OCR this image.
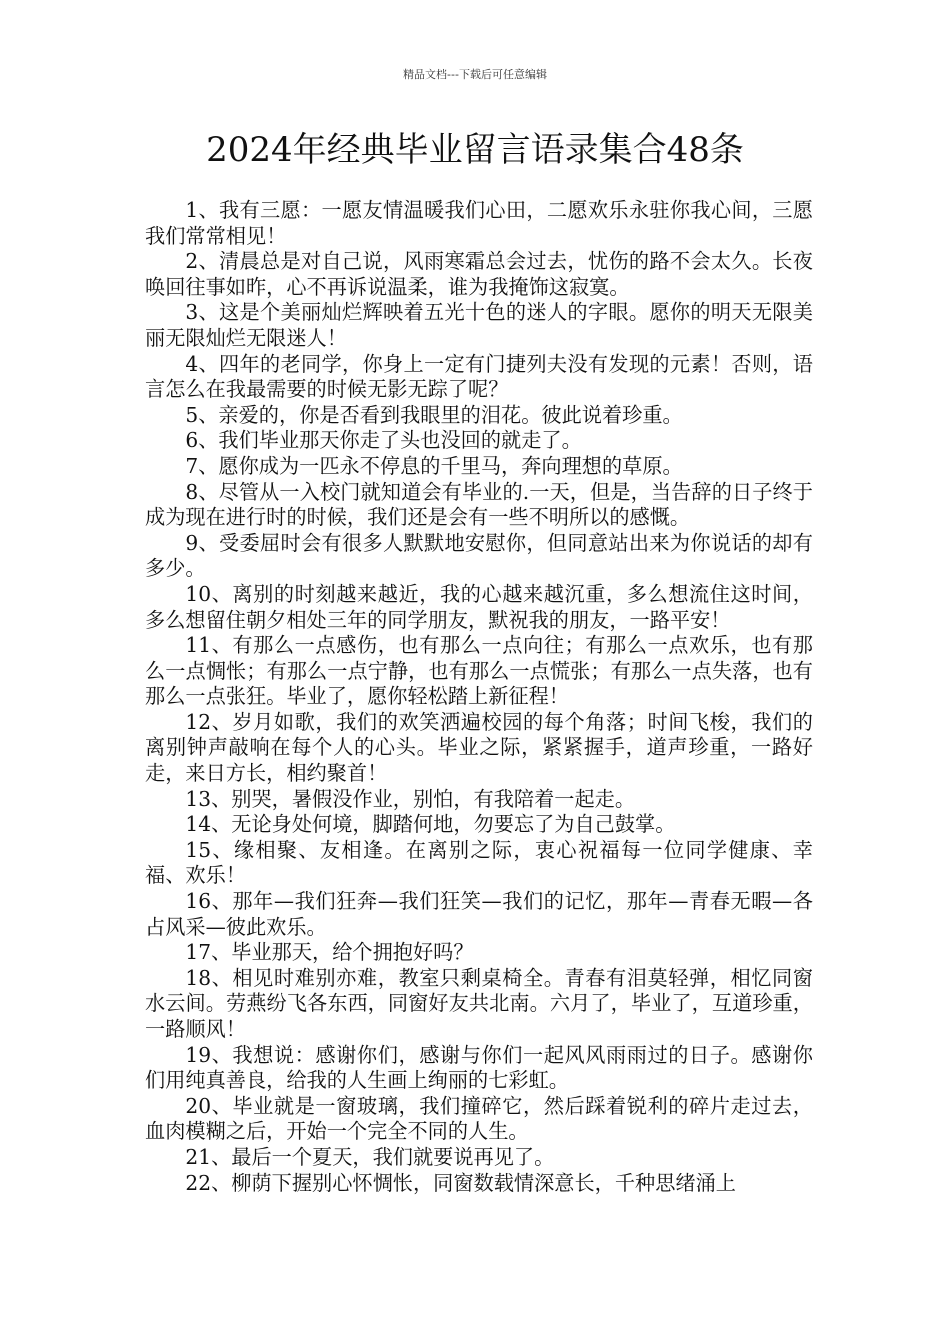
精品文档---下载后可任意编辑
2024年经典毕业留言语录集合48条

1、我有三愿：一愿友情温暖我们心田，二愿欢乐永驻你我心间，三愿我们常常相见！

2、清晨总是对自己说，风雨寒霜总会过去，忧伤的路不会太久。长夜唤回往事如昨，心不再诉说温柔，谁为我掩饰这寂寞。

3、这是个美丽灿烂辉映着五光十色的迷人的字眼。愿你的明天无限美丽无限灿烂无限迷人！

4、四年的老同学，你身上一定有门捷列夫没有发现的元素！否则，语言怎么在我最需要的时候无影无踪了呢？

5、亲爱的，你是否看到我眼里的泪花。彼此说着珍重。

6、我们毕业那天你走了头也没回的就走了。

7、愿你成为一匹永不停息的千里马，奔向理想的草原。

8、尽管从一入校门就知道会有毕业的.一天，但是，当告辞的日子终于成为现在进行时的时候，我们还是会有一些不明所以的感慨。

9、受委屈时会有很多人默默地安慰你，但同意站出来为你说话的却有多少。

10、离别的时刻越来越近，我的心越来越沉重，多么想流住这时间，多么想留住朝夕相处三年的同学朋友，默祝我的朋友，一路平安！

11、有那么一点感伤，也有那么一点向往；有那么一点欢乐，也有那么一点惆怅；有那么一点宁静，也有那么一点慌张；有那么一点失落，也有那么一点张狂。毕业了，愿你轻松踏上新征程！

12、岁月如歌，我们的欢笑洒遍校园的每个角落；时间飞梭，我们的离别钟声敲响在每个人的心头。毕业之际，紧紧握手，道声珍重，一路好走，来日方长，相约聚首！

13、别哭，暑假没作业，别怕，有我陪着一起走。

14、无论身处何境，脚踏何地，勿要忘了为自己鼓掌。

15、缘相聚、友相逢。在离别之际，衷心祝福每一位同学健康、幸福、欢乐！

16、那年—我们狂奔—我们狂笑—我们的记忆，那年—青春无暇—各占风采—彼此欢乐。

17、毕业那天，给个拥抱好吗？

18、相见时难别亦难，教室只剩桌椅全。青春有泪莫轻弹，相忆同窗水云间。劳燕纷飞各东西，同窗好友共北南。六月了，毕业了，互道珍重，一路顺风！

19、我想说：感谢你们，感谢与你们一起风风雨雨过的日子。感谢你们用纯真善良，给我的人生画上绚丽的七彩虹。

20、毕业就是一窗玻璃，我们撞碎它，然后踩着锐利的碎片走过去，血肉模糊之后，开始一个完全不同的人生。

21、最后一个夏天，我们就要说再见了。

22、柳荫下握别心怀惆怅，同窗数载情深意长，千种思绪涌上
